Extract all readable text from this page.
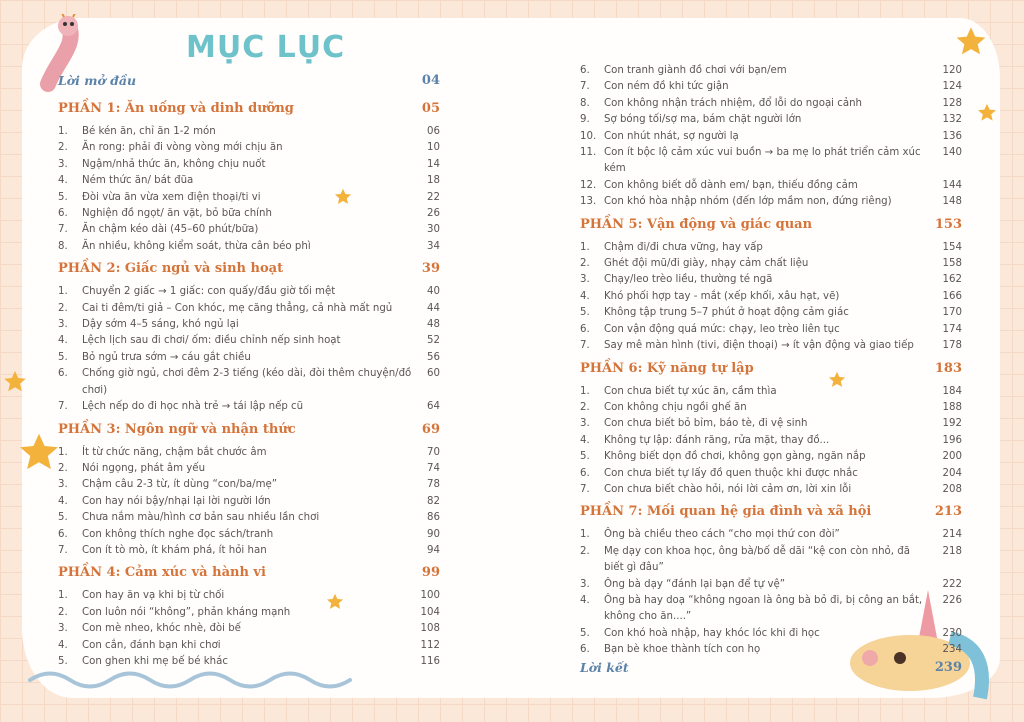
MỤC LỤC
Lời mở đầu	04
PHẦN 1: Ăn uống và dinh dưỡng	05
1.	Bé kén ăn, chỉ ăn 1-2 món	06
2.	Ăn rong: phải đi vòng vòng mới chịu ăn	10
3.	Ngậm/nhả thức ăn, không chịu nuốt	14
4.	Ném thức ăn/ bát đũa	18
5.	Đòi vừa ăn vừa xem điện thoại/ti vi	22
6.	Nghiện đồ ngọt/ ăn vặt, bỏ bữa chính	26
7.	Ăn chậm kéo dài (45–60 phút/bữa)	30
8.	Ăn nhiều, không kiểm soát, thừa cân béo phì	34
PHẦN 2: Giấc ngủ và sinh hoạt	39
1.	Chuyển 2 giấc → 1 giấc: con quấy/đầu giờ tối mệt	40
2.	Cai ti đêm/ti giả – Con khóc, mẹ căng thẳng, cả nhà mất ngủ	44
3.	Dậy sớm 4–5 sáng, khó ngủ lại	48
4.	Lệch lịch sau đi chơi/ ốm: điều chỉnh nếp sinh hoạt	52
5.	Bỏ ngủ trưa sớm → cáu gắt chiều	56
6.	Chống giờ ngủ, chơi đêm 2-3 tiếng (kéo dài, đòi thêm chuyện/đồ chơi)
60
7.	Lệch nếp do đi học nhà trẻ → tái lập nếp cũ	64
PHẦN 3: Ngôn ngữ và nhận thức	69
1.	Ít từ chức năng, chậm bắt chước âm	70
2.	Nói ngọng, phát âm yếu	74
3.	Chậm câu 2-3 từ, ít dùng “con/ba/mẹ”	78
4.	Con hay nói bậy/nhại lại lời người lớn	82
5.	Chưa nắm màu/hình cơ bản sau nhiều lần chơi	86
6.	Con không thích nghe đọc sách/tranh	90
7.	Con ít tò mò, ít khám phá, ít hỏi han	94
PHẦN 4: Cảm xúc và hành vi	99
1.	Con hay ăn vạ khi bị từ chối	100
2.	Con luôn nói “không”, phản kháng mạnh	104
3.	Con mè nheo, khóc nhè, đòi bế	108
4.	Con cắn, đánh bạn khi chơi	112
5.	Con ghen khi mẹ bế bé khác	116
6.	Con tranh giành đồ chơi với bạn/em	120
7.	Con ném đồ khi tức giận	124
8.	Con không nhận trách nhiệm, đổ lỗi do ngoại cảnh	128
9.	Sợ bóng tối/sợ ma, bám chặt người lớn	132
10. Con nhút nhát, sợ người lạ	136
11. Con ít bộc lộ cảm xúc vui buồn → ba mẹ lo phát triển cảm xúc kém
140
12. Con không biết dỗ dành em/ bạn, thiếu đồng cảm	144
13. Con khó hòa nhập nhóm (đến lớp mầm non, đứng riêng)	148
PHẦN 5: Vận động và giác quan	153
1.	Chậm đi/đi chưa vững, hay vấp	154
2.	Ghét đội mũ/đi giày, nhạy cảm chất liệu	158
3.	Chạy/leo trèo liều, thường té ngã	162
4.	Khó phối hợp tay - mắt (xếp khối, xâu hạt, vẽ)	166
5.	Không tập trung 5–7 phút ở hoạt động cảm giác	170
6.	Con vận động quá mức: chạy, leo trèo liên tục	174
7.	Say mê màn hình (tivi, điện thoại) → ít vận động và giao tiếp	178
PHẦN 6: Kỹ năng tự lập	183
1.	Con chưa biết tự xúc ăn, cầm thìa	184
2.	Con không chịu ngồi ghế ăn	188
3.	Con chưa biết bỏ bỉm, báo tè, đi vệ sinh	192
4.	Không tự lập: đánh răng, rửa mặt, thay đồ...	196
5.	Không biết dọn đồ chơi, không gọn gàng, ngăn nắp	200
6.	Con chưa biết tự lấy đồ quen thuộc khi được nhắc	204
7.	Con chưa biết chào hỏi, nói lời cảm ơn, lời xin lỗi	208
PHẦN 7: Mối quan hệ gia đình và xã hội	213
1.	Ông bà chiều theo cách “cho mọi thứ con đòi”	214
2.	Mẹ dạy con khoa học, ông bà/bố dễ dãi “kệ con còn nhỏ, đã biết gì đâu”
218
3.	Ông bà dạy “đánh lại bạn để tự vệ”	222
4.	Ông bà hay doạ “không ngoan là ông bà bỏ đi, bị công an bắt, không cho ăn....”
226
5.	Con khó hoà nhập, hay khóc lóc khi đi học	230
6.	Bạn bè khoe thành tích con họ	234
Lời kết	239
